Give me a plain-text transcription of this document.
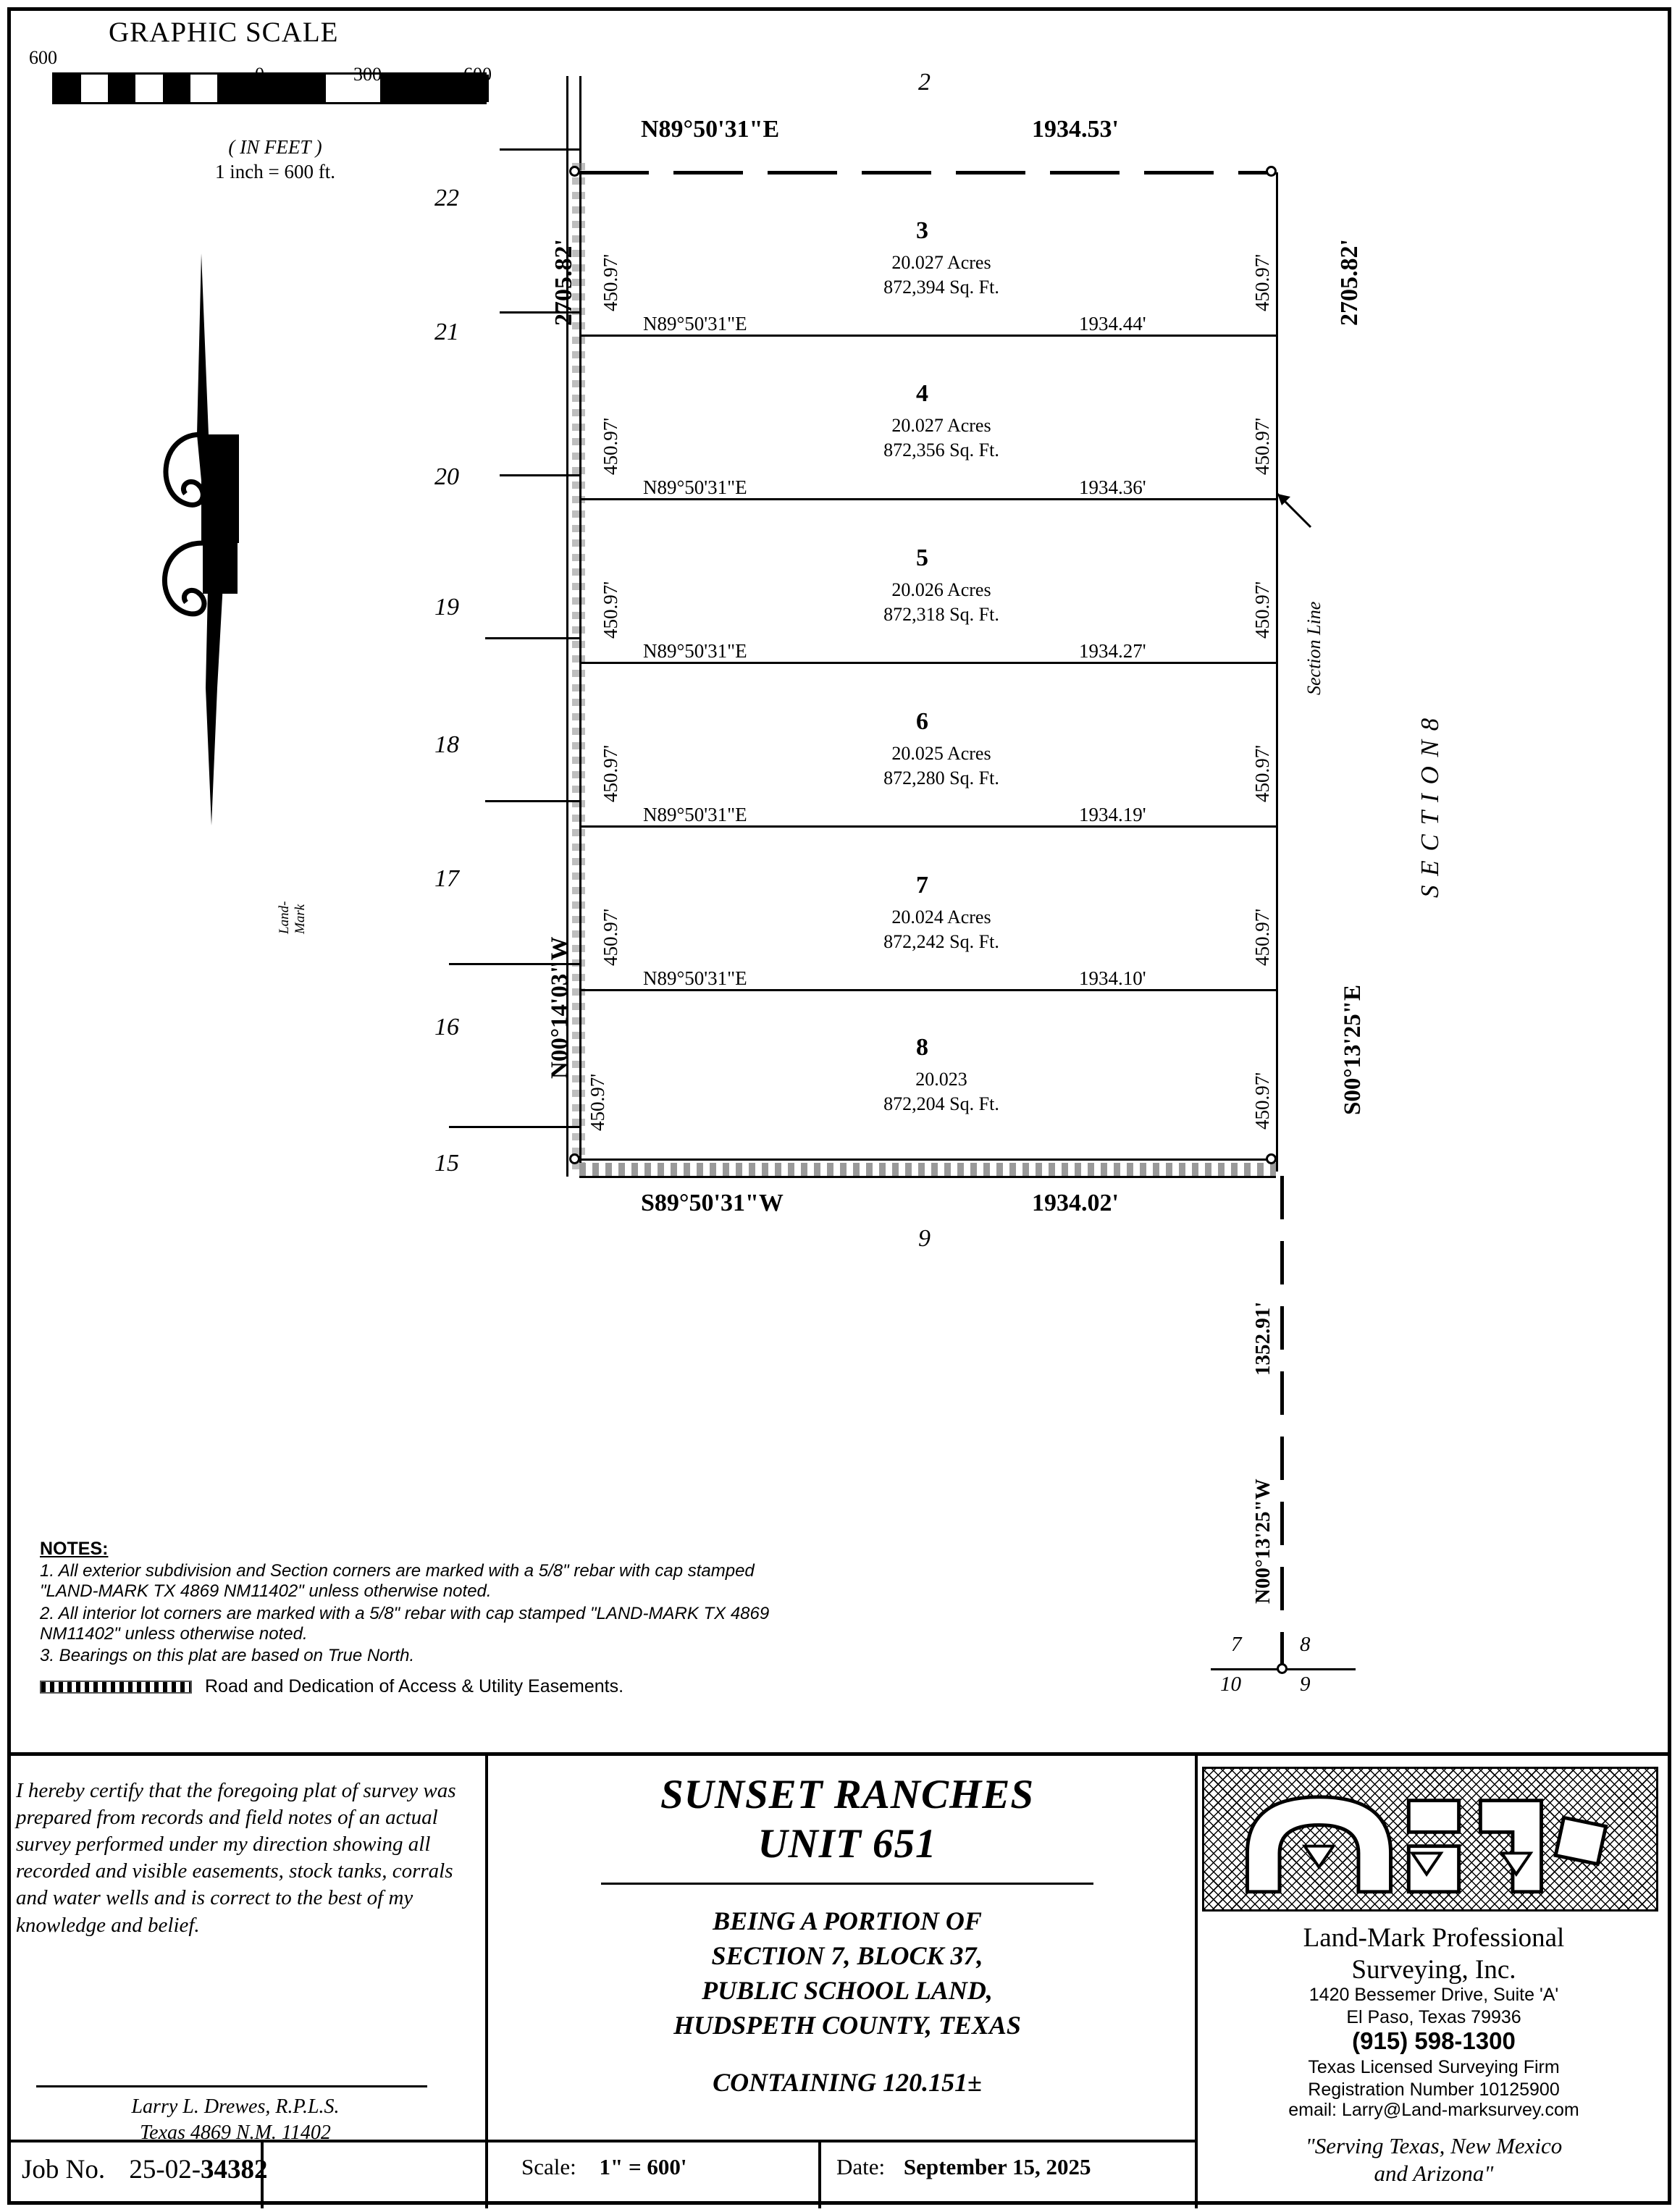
GRAPHIC SCALE
600
0	300	600
( IN FEET )
1 inch = 600 ft.
Land-Mark
2
9
N89°50'31"E	1934.53'
S89°50'31"W	1934.02'
22
21
20
19
18
17
16
15
N00°14'03"W
2705.82'
S00°13'25"E
2705.82'
S E C T I O N 8
Section Line
3
20.027 Acres
872,394 Sq. Ft.
N89°50'31"E	1934.44'
450.97'	450.97'
4
20.027 Acres
872,356 Sq. Ft.
N89°50'31"E	1934.36'
450.97'	450.97'
5
20.026 Acres
872,318 Sq. Ft.
N89°50'31"E	1934.27'
450.97'	450.97'
6
20.025 Acres
872,280 Sq. Ft.
N89°50'31"E	1934.19'
450.97'	450.97'
7
20.024 Acres
872,242 Sq. Ft.
N89°50'31"E	1934.10'
450.97'	450.97'
8
20.023
872,204 Sq. Ft.
450.97'	450.97'
1352.91'
N00°13'25"W
7	8
10	9
NOTES:

1. All exterior subdivision and Section corners are marked with a 5/8" rebar with cap stamped "LAND-MARK TX 4869 NM11402" unless otherwise noted.

2. All interior lot corners are marked with a 5/8" rebar with cap stamped "LAND-MARK TX 4869 NM11402" unless otherwise noted.

3. Bearings on this plat are based on True North.

Road and Dedication of Access & Utility Easements.
I hereby certify that the foregoing plat of survey was prepared from records and field notes of an actual survey performed under my direction showing all recorded and visible easements, stock tanks, corrals and water wells and is correct to the best of my knowledge and belief.
Larry L. Drewes, R.P.L.S.
Texas 4869 N.M. 11402
Job No. 25-02-34382
SUNSET RANCHES
UNIT 651
BEING A PORTION OF
SECTION 7, BLOCK 37,
PUBLIC SCHOOL LAND,
HUDSPETH COUNTY, TEXAS
CONTAINING 120.151±
Scale: 1" = 600'	Date: September 15, 2025
Land-Mark Professional
Surveying, Inc.
1420 Bessemer Drive, Suite 'A'
El Paso, Texas 79936
(915) 598-1300
Texas Licensed Surveying Firm
Registration Number 10125900
email: Larry@Land-marksurvey.com
"Serving Texas, New Mexico
and Arizona"
